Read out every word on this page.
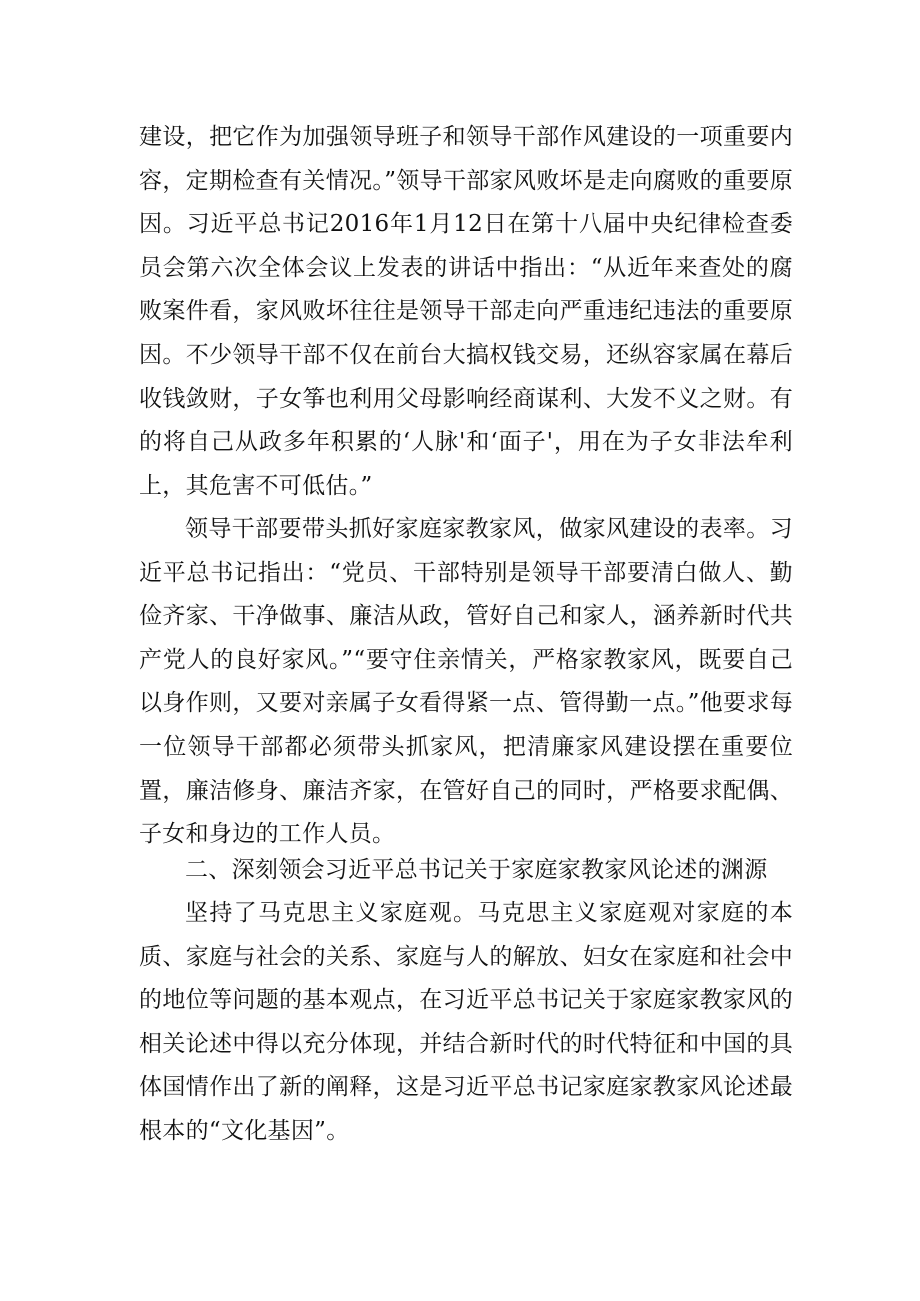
建设，把它作为加强领导班子和领导干部作风建设的一项重要内容，定期检查有关情况。”领导干部家风败坏是走向腐败的重要原因。习近平总书记2016年1月12日在第十八届中央纪律检查委员会第六次全体会议上发表的讲话中指出：“从近年来查处的腐败案件看，家风败坏往往是领导干部走向严重违纪违法的重要原因。不少领导干部不仅在前台大搞权钱交易，还纵容家属在幕后收钱敛财，子女筝也利用父母影响经商谋利、大发不义之财。有的将自己从政多年积累的‘人脉'和‘面子'，用在为子女非法牟利上，其危害不可低估。”

领导干部要带头抓好家庭家教家风，做家风建设的表率。习近平总书记指出：“党员、干部特别是领导干部要清白做人、勤俭齐家、干净做事、廉洁从政，管好自己和家人，涵养新时代共产党人的良好家风。”“要守住亲情关，严格家教家风，既要自己以身作则，又要对亲属子女看得紧一点、管得勤一点。”他要求每一位领导干部都必须带头抓家风，把清廉家风建设摆在重要位置，廉洁修身、廉洁齐家，在管好自己的同时，严格要求配偶、子女和身边的工作人员。

二、深刻领会习近平总书记关于家庭家教家风论述的渊源

坚持了马克思主义家庭观。马克思主义家庭观对家庭的本质、家庭与社会的关系、家庭与人的解放、妇女在家庭和社会中的地位等问题的基本观点，在习近平总书记关于家庭家教家风的相关论述中得以充分体现，并结合新时代的时代特征和中国的具体国情作出了新的阐释，这是习近平总书记家庭家教家风论述最根本的“文化基因”。
